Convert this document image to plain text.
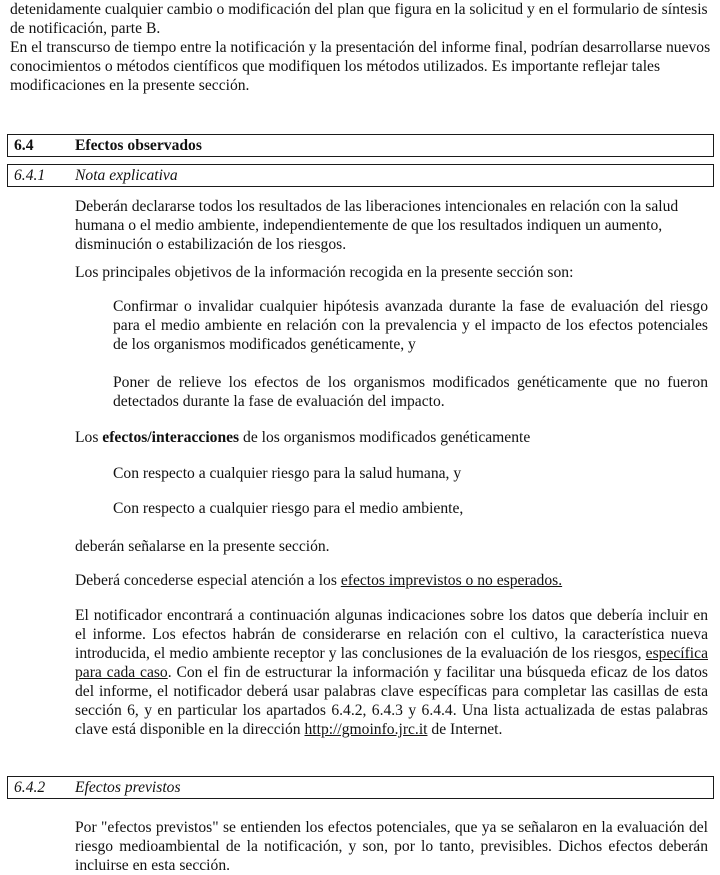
detenidamente cualquier cambio o modificación del plan que figura en la solicitud y en el formulario de síntesis de notificación, parte B.

En el transcurso de tiempo entre la notificación y la presentación del informe final, podrían desarrollarse nuevos conocimientos o métodos científicos que modifiquen los métodos utilizados. Es importante reflejar tales modificaciones en la presente sección.

6.4	Efectos observados
6.4.1 Nota explicativa

Deberán declararse todos los resultados de las liberaciones intencionales en relación con la salud humana o el medio ambiente, independientemente de que los resultados indiquen un aumento, disminución o estabilización de los riesgos.

Los principales objetivos de la información recogida en la presente sección son:

Confirmar o invalidar cualquier hipótesis avanzada durante la fase de evaluación del riesgo para el medio ambiente en relación con la prevalencia y el impacto de los efectos potenciales de los organismos modificados genéticamente, y

Poner de relieve los efectos de los organismos modificados genéticamente que no fueron detectados durante la fase de evaluación del impacto.

Los efectos/interacciones de los organismos modificados genéticamente

Con respecto a cualquier riesgo para la salud humana, y

Con respecto a cualquier riesgo para el medio ambiente,

deberán señalarse en la presente sección.

Deberá concederse especial atención a los efectos imprevistos o no esperados.

El notificador encontrará a continuación algunas indicaciones sobre los datos que debería incluir en el informe. Los efectos habrán de considerarse en relación con el cultivo, la característica nueva introducida, el medio ambiente receptor y las conclusiones de la evaluación de los riesgos, específica para cada caso. Con el fin de estructurar la información y facilitar una búsqueda eficaz de los datos del informe, el notificador deberá usar palabras clave específicas para completar las casillas de esta sección 6, y en particular los apartados 6.4.2, 6.4.3 y 6.4.4. Una lista actualizada de estas palabras clave está disponible en la dirección http://gmoinfo.jrc.it de Internet.

6.4.2 Efectos previstos

Por "efectos previstos" se entienden los efectos potenciales, que ya se señalaron en la evaluación del riesgo medioambiental de la notificación, y son, por lo tanto, previsibles. Dichos efectos deberán incluirse en esta sección.
